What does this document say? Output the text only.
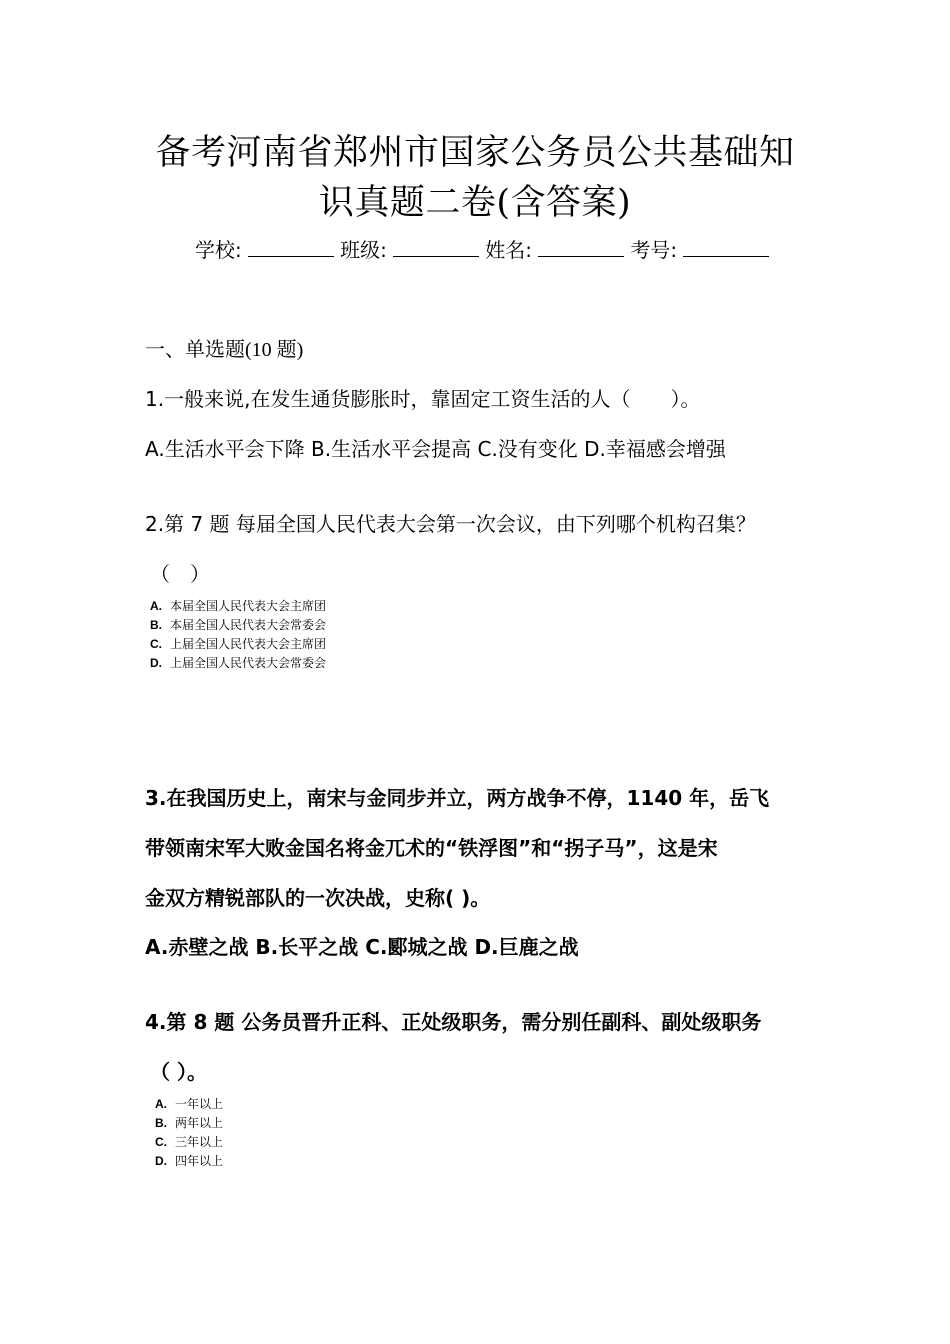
备考河南省郑州市国家公务员公共基础知
识真题二卷(含答案)
学校:	班级:	姓名:	考号:
一、单选题(10 题)
1.一般来说,在发生通货膨胀时，靠固定工资生活的人（　　）。
A.生活水平会下降 B.生活水平会提高 C.没有变化 D.幸福感会增强
2.第 7 题 每届全国人民代表大会第一次会议，由下列哪个机构召集？
（　）
A. 本届全国人民代表大会主席团
B. 本届全国人民代表大会常委会
C. 上届全国人民代表大会主席团
D. 上届全国人民代表大会常委会
3.在我国历史上，南宋与金同步并立，两方战争不停，1140 年，岳飞
带领南宋军大败金国名将金兀术的“铁浮图”和“拐子马”，这是宋
金双方精锐部队的一次决战，史称( )。
A.赤壁之战 B.长平之战 C.郾城之战 D.巨鹿之战
4.第 8 题 公务员晋升正科、正处级职务，需分别任副科、副处级职务
（ ）。
A. 一年以上
B. 两年以上
C. 三年以上
D. 四年以上
